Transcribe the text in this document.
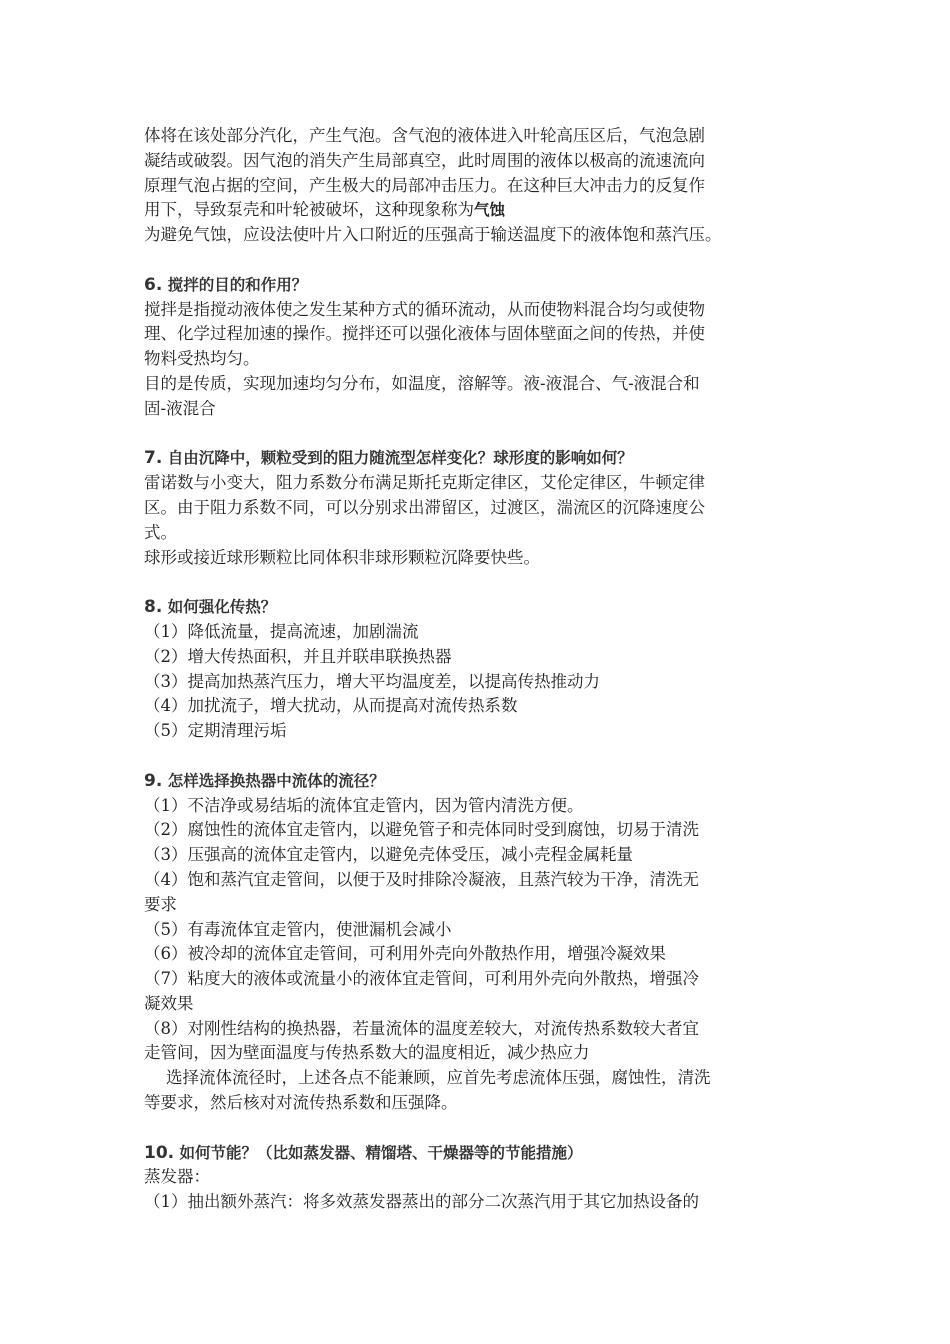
体将在该处部分汽化，产生气泡。含气泡的液体进入叶轮高压区后，气泡急剧
凝结或破裂。因气泡的消失产生局部真空，此时周围的液体以极高的流速流向
原理气泡占据的空间，产生极大的局部冲击压力。在这种巨大冲击力的反复作
用下，导致泵壳和叶轮被破坏，这种现象称为气蚀
为避免气蚀，应设法使叶片入口附近的压强高于输送温度下的液体饱和蒸汽压。
6. 搅拌的目的和作用？
搅拌是指搅动液体使之发生某种方式的循环流动，从而使物料混合均匀或使物
理、化学过程加速的操作。搅拌还可以强化液体与固体壁面之间的传热，并使
物料受热均匀。
目的是传质，实现加速均匀分布，如温度，溶解等。液-液混合、气-液混合和
固-液混合
7. 自由沉降中，颗粒受到的阻力随流型怎样变化？球形度的影响如何？
雷诺数与小变大，阻力系数分布满足斯托克斯定律区，艾伦定律区，牛顿定律
区。由于阻力系数不同，可以分别求出滞留区，过渡区，湍流区的沉降速度公
式。
球形或接近球形颗粒比同体积非球形颗粒沉降要快些。
8. 如何强化传热？
（1）降低流量，提高流速，加剧湍流
（2）增大传热面积，并且并联串联换热器
（3）提高加热蒸汽压力，增大平均温度差，以提高传热推动力
（4）加扰流子，增大扰动，从而提高对流传热系数
（5）定期清理污垢
9. 怎样选择换热器中流体的流径？
（1）不洁净或易结垢的流体宜走管内，因为管内清洗方便。
（2）腐蚀性的流体宜走管内，以避免管子和壳体同时受到腐蚀，切易于清洗
（3）压强高的流体宜走管内，以避免壳体受压，减小壳程金属耗量
（4）饱和蒸汽宜走管间，以便于及时排除冷凝液，且蒸汽较为干净，清洗无
要求
（5）有毒流体宜走管内，使泄漏机会减小
（6）被冷却的流体宜走管间，可利用外壳向外散热作用，增强冷凝效果
（7）粘度大的液体或流量小的液体宜走管间，可利用外壳向外散热，增强冷
凝效果
（8）对刚性结构的换热器，若量流体的温度差较大，对流传热系数较大者宜
走管间，因为壁面温度与传热系数大的温度相近，减少热应力
选择流体流径时，上述各点不能兼顾，应首先考虑流体压强，腐蚀性，清洗
等要求，然后核对对流传热系数和压强降。
10. 如何节能？（比如蒸发器、精馏塔、干燥器等的节能措施）
蒸发器：
（1）抽出额外蒸汽：将多效蒸发器蒸出的部分二次蒸汽用于其它加热设备的
